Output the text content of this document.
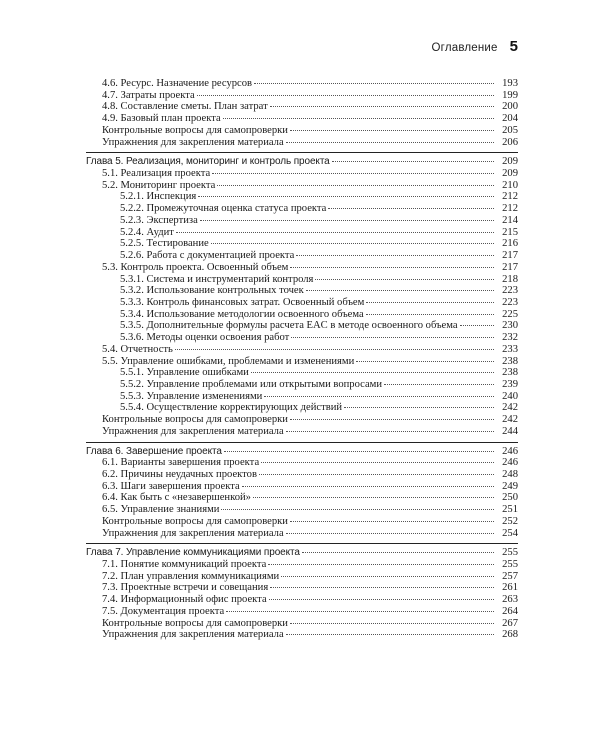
Оглавление 5
4.6. Ресурс. Назначение ресурсов	193
4.7. Затраты проекта	199
4.8. Составление сметы. План затрат	200
4.9. Базовый план проекта	204
Контрольные вопросы для самопроверки	205
Упражнения для закрепления материала	206
Глава 5. Реализация, мониторинг и контроль проекта	209
5.1. Реализация проекта	209
5.2. Мониторинг проекта	210
5.2.1. Инспекция	212
5.2.2. Промежуточная оценка статуса проекта	212
5.2.3. Экспертиза	214
5.2.4. Аудит	215
5.2.5. Тестирование	216
5.2.6. Работа с документацией проекта	217
5.3. Контроль проекта. Освоенный объем	217
5.3.1. Система и инструментарий контроля	218
5.3.2. Использование контрольных точек	223
5.3.3. Контроль финансовых затрат. Освоенный объем	223
5.3.4. Использование методологии освоенного объема	225
5.3.5. Дополнительные формулы расчета EAC в методе освоенного объема	230
5.3.6. Методы оценки освоения работ	232
5.4. Отчетность	233
5.5. Управление ошибками, проблемами и изменениями	238
5.5.1. Управление ошибками	238
5.5.2. Управление проблемами или открытыми вопросами	239
5.5.3. Управление изменениями	240
5.5.4. Осуществление корректирующих действий	242
Контрольные вопросы для самопроверки	242
Упражнения для закрепления материала	244
Глава 6. Завершение проекта	246
6.1. Варианты завершения проекта	246
6.2. Причины неудачных проектов	248
6.3. Шаги завершения проекта	249
6.4. Как быть с «незавершенкой»	250
6.5. Управление знаниями	251
Контрольные вопросы для самопроверки	252
Упражнения для закрепления материала	254
Глава 7. Управление коммуникациями проекта	255
7.1. Понятие коммуникаций проекта	255
7.2. План управления коммуникациями	257
7.3. Проектные встречи и совещания	261
7.4. Информационный офис проекта	263
7.5. Документация проекта	264
Контрольные вопросы для самопроверки	267
Упражнения для закрепления материала	268
